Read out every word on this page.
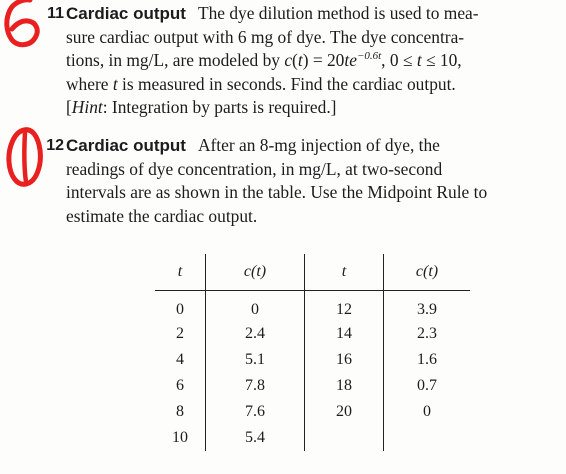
11 Cardiac output The dye dilution method is used to mea-
sure cardiac output with 6 mg of dye. The dye concentra-
tions, in mg/L, are modeled by $c(t) = 20te^{-0.6t}$, 0 ≤ t ≤ 10,
where t is measured in seconds. Find the cardiac output.
[Hint: Integration by parts is required.]
12 Cardiac output After an 8-mg injection of dye, the
readings of dye concentration, in mg/L, at two-second
intervals are as shown in the table. Use the Midpoint Rule to
estimate the cardiac output.
t	c(t)	t	c(t)
0	0	12	3.9
2	2.4	14	2.3
4	5.1	16	1.6
6	7.8	18	0.7
8	7.6	20	0
10	5.4		
